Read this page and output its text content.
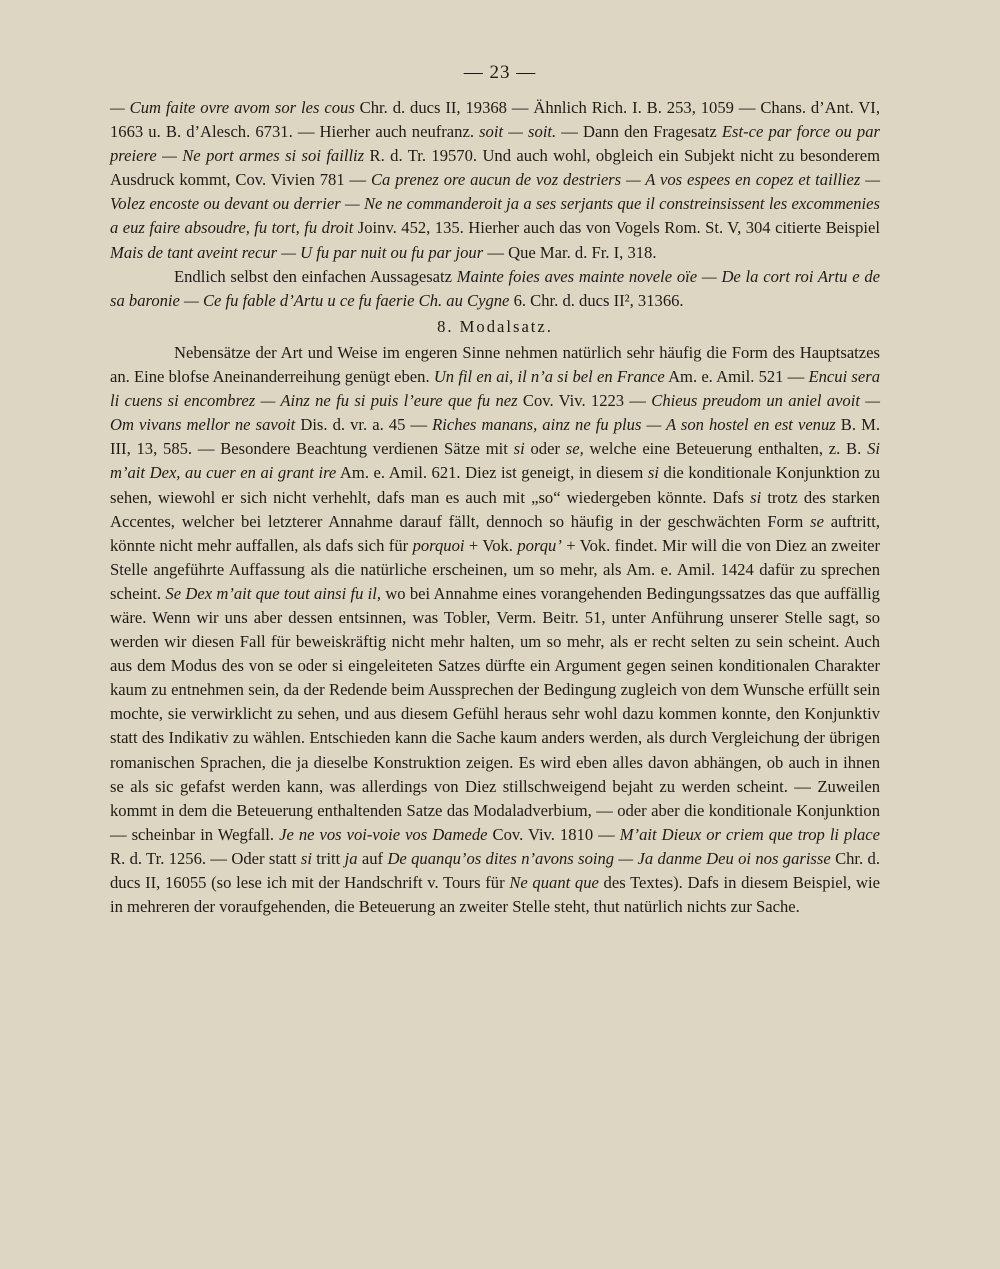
— 23 —

— Cum faite ovre avom sor les cous Chr. d. ducs II, 19368 — Ähnlich Rich. I. B. 253, 1059 — Chans. d’Ant. VI, 1663 u. B. d’Alesch. 6731. — Hierher auch neufranz. soit — soit. — Dann den Fragesatz Est-ce par force ou par preiere — Ne port armes si soi failliz R. d. Tr. 19570. Und auch wohl, obgleich ein Subjekt nicht zu besonderem Ausdruck kommt, Cov. Vivien 781 — Ca prenez ore aucun de voz destriers — A vos espees en copez et tailliez — Volez encoste ou devant ou derrier — Ne ne commanderoit ja a ses serjants que il constreinsissent les excommenies a euz faire absoudre, fu tort, fu droit Joinv. 452, 135. Hierher auch das von Vogels Rom. St. V, 304 citierte Beispiel Mais de tant aveint recur — U fu par nuit ou fu par jour — Que Mar. d. Fr. I, 318.

Endlich selbst den einfachen Aussagesatz Mainte foies aves mainte novele oïe — De la cort roi Artu e de sa baronie — Ce fu fable d’Artu u ce fu faerie Ch. au Cygne 6. Chr. d. ducs II², 31366.

8. Modalsatz.

Nebensätze der Art und Weise im engeren Sinne nehmen natürlich sehr häufig die Form des Hauptsatzes an. Eine blofse Aneinanderreihung genügt eben. Un fil en ai, il n’a si bel en France Am. e. Amil. 521 — Encui sera li cuens si encombrez — Ainz ne fu si puis l’eure que fu nez Cov. Viv. 1223 — Chieus preudom un aniel avoit — Om vivans mellor ne savoit Dis. d. vr. a. 45 — Riches manans, ainz ne fu plus — A son hostel en est venuz B. M. III, 13, 585. — Besondere Beachtung verdienen Sätze mit si oder se, welche eine Beteuerung enthalten, z. B. Si m’ait Dex, au cuer en ai grant ire Am. e. Amil. 621. Diez ist geneigt, in diesem si die konditionale Konjunktion zu sehen, wiewohl er sich nicht verhehlt, dafs man es auch mit „so“ wiedergeben könnte. Dafs si trotz des starken Accentes, welcher bei letzterer Annahme darauf fällt, dennoch so häufig in der geschwächten Form se auftritt, könnte nicht mehr auffallen, als dafs sich für porquoi + Vok. porqu’ + Vok. findet. Mir will die von Diez an zweiter Stelle angeführte Auffassung als die natürliche erscheinen, um so mehr, als Am. e. Amil. 1424 dafür zu sprechen scheint. Se Dex m’ait que tout ainsi fu il, wo bei Annahme eines vorangehenden Bedingungssatzes das que auffällig wäre. Wenn wir uns aber dessen entsinnen, was Tobler, Verm. Beitr. 51, unter Anführung unserer Stelle sagt, so werden wir diesen Fall für beweiskräftig nicht mehr halten, um so mehr, als er recht selten zu sein scheint. Auch aus dem Modus des von se oder si eingeleiteten Satzes dürfte ein Argument gegen seinen konditionalen Charakter kaum zu entnehmen sein, da der Redende beim Aussprechen der Bedingung zugleich von dem Wunsche erfüllt sein mochte, sie verwirklicht zu sehen, und aus diesem Gefühl heraus sehr wohl dazu kommen konnte, den Konjunktiv statt des Indikativ zu wählen. Entschieden kann die Sache kaum anders werden, als durch Vergleichung der übrigen romanischen Sprachen, die ja dieselbe Konstruktion zeigen. Es wird eben alles davon abhängen, ob auch in ihnen se als sic gefafst werden kann, was allerdings von Diez stillschweigend bejaht zu werden scheint. — Zuweilen kommt in dem die Beteuerung enthaltenden Satze das Modaladverbium, — oder aber die konditionale Konjunktion — scheinbar in Wegfall. Je ne vos voi-voie vos Damede Cov. Viv. 1810 — M’ait Dieux or criem que trop li place R. d. Tr. 1256. — Oder statt si tritt ja auf De quanqu’os dites n’avons soing — Ja danme Deu oi nos garisse Chr. d. ducs II, 16055 (so lese ich mit der Handschrift v. Tours für Ne quant que des Textes). Dafs in diesem Beispiel, wie in mehreren der voraufgehenden, die Beteuerung an zweiter Stelle steht, thut natürlich nichts zur Sache.
